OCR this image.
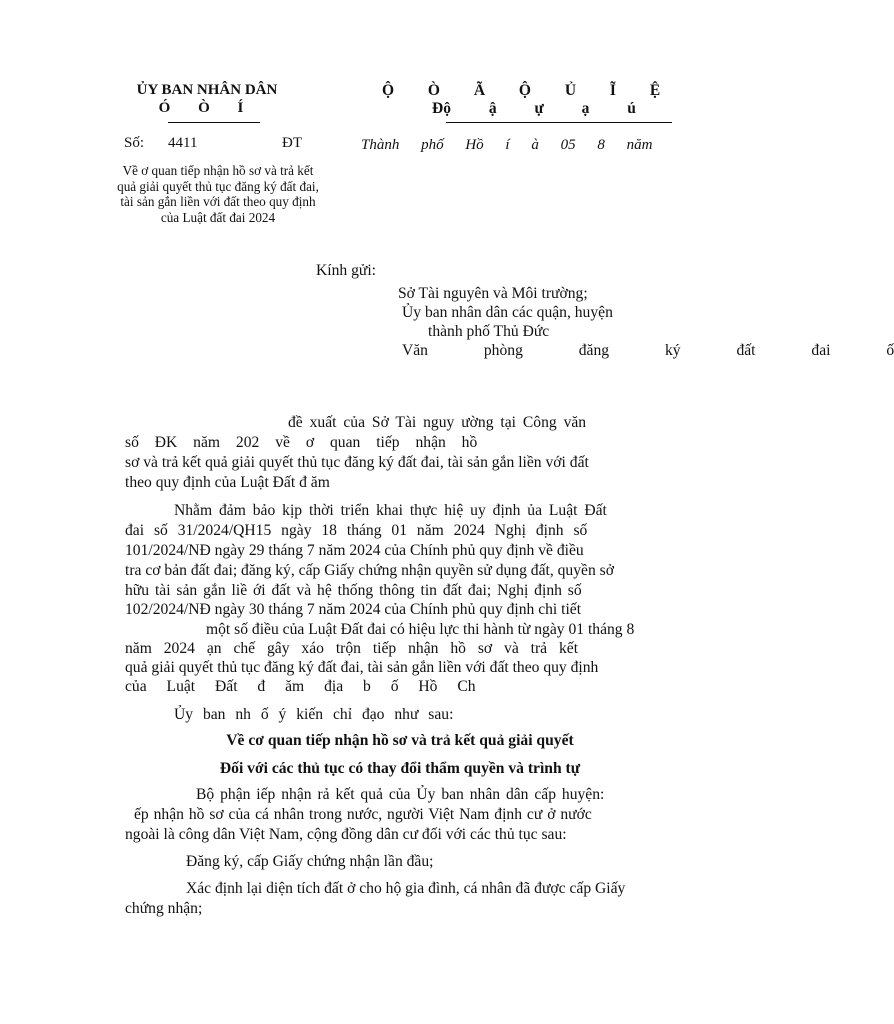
ỦY BAN NHÂN DÂN
Ó Ò Í
Số: 4411	ĐT
Về ơ quan tiếp nhận hồ sơ và trả kết
quả giải quyết thủ tục đăng ký đất đai,
tài sản gắn liền với đất theo quy định
của Luật đất đai 2024
Ộ Ò Ã Ộ Ủ Ĩ Ệ
Độ ậ ự ạ ú
Thành phố Hồ í à 05 8 năm
Kính gửi:
Sở Tài nguyên và Môi trường;
Ủy ban nhân dân các quận, huyện
thành phố Thủ Đức
Văn phòng đăng ký đất đai ố
đề xuất của Sở Tài nguy ường tại Công văn
số ĐK năm 202 về ơ quan tiếp nhận hồ
sơ và trả kết quả giải quyết thủ tục đăng ký đất đai, tài sản gắn liền với đất
theo quy định của Luật Đất đ ăm
Nhằm đảm bảo kịp thời triển khai thực hiệ uy định ủa Luật Đất
đai số 31/2024/QH15 ngày 18 tháng 01 năm 2024 Nghị định số
101/2024/NĐ ngày 29 tháng 7 năm 2024 của Chính phủ quy định về điều
tra cơ bản đất đai; đăng ký, cấp Giấy chứng nhận quyền sử dụng đất, quyền sở
hữu tài sản gắn liề ới đất và hệ thống thông tin đất đai; Nghị định số
102/2024/NĐ ngày 30 tháng 7 năm 2024 của Chính phủ quy định chi tiết
một số điều của Luật Đất đai có hiệu lực thi hành từ ngày 01 tháng 8
năm 2024 ạn chế gây xáo trộn tiếp nhận hồ sơ và trả kết
quả giải quyết thủ tục đăng ký đất đai, tài sản gắn liền với đất theo quy định
của Luật Đất đ ăm địa b ố Hồ Ch
Ủy ban nh ố ý kiến chỉ đạo như sau:
Về cơ quan tiếp nhận hồ sơ và trả kết quả giải quyết
Đối với các thủ tục có thay đổi thẩm quyền và trình tự
Bộ phận iếp nhận rả kết quả của Ủy ban nhân dân cấp huyện:
ếp nhận hồ sơ của cá nhân trong nước, người Việt Nam định cư ở nước
ngoài là công dân Việt Nam, cộng đồng dân cư đối với các thủ tục sau:
Đăng ký, cấp Giấy chứng nhận lần đầu;
Xác định lại diện tích đất ở cho hộ gia đình, cá nhân đã được cấp Giấy
chứng nhận;
